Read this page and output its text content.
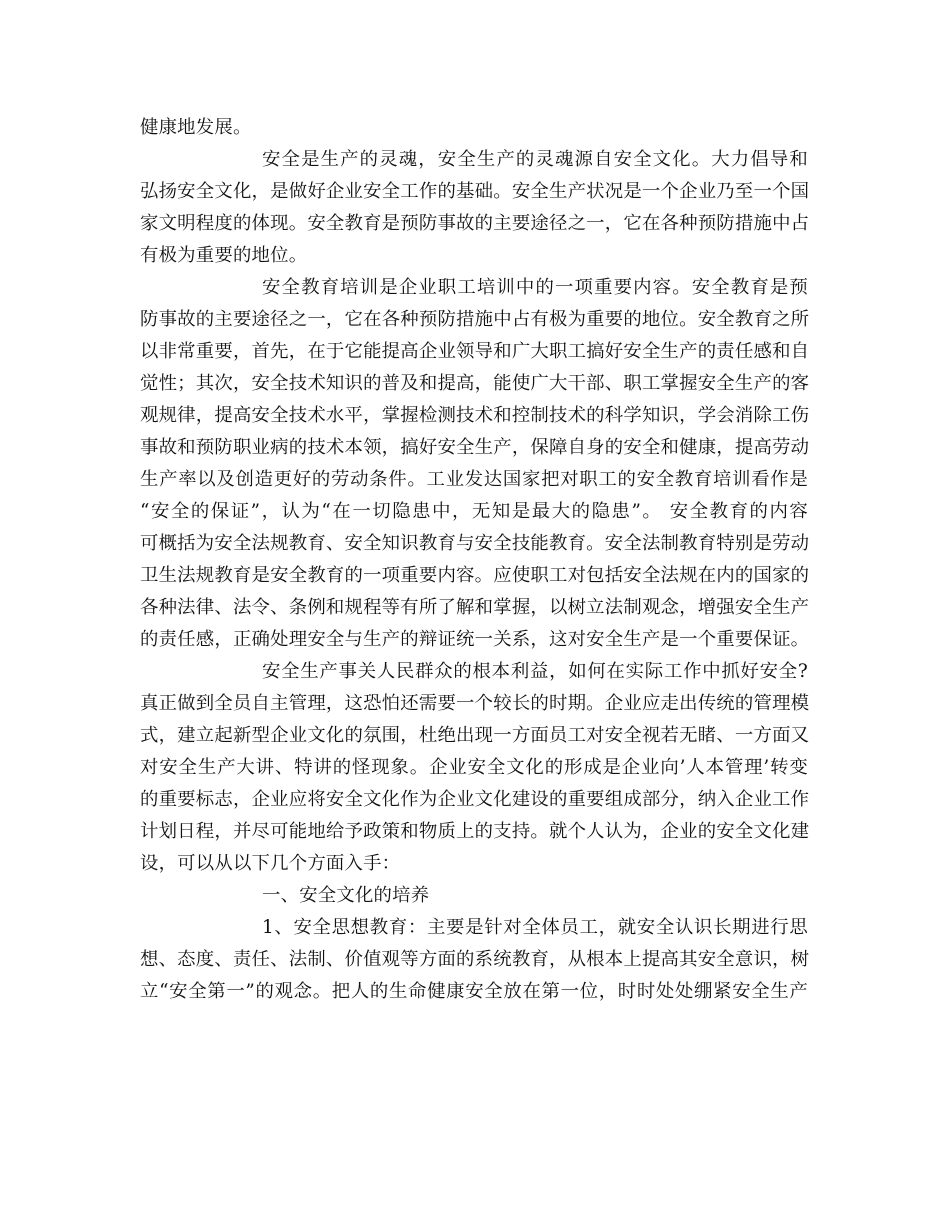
健康地发展。
安全是生产的灵魂，安全生产的灵魂源自安全文化。大力倡导和
弘扬安全文化，是做好企业安全工作的基础。安全生产状况是一个企业乃至一个国
家文明程度的体现。安全教育是预防事故的主要途径之一，它在各种预防措施中占
有极为重要的地位。
安全教育培训是企业职工培训中的一项重要内容。安全教育是预
防事故的主要途径之一，它在各种预防措施中占有极为重要的地位。安全教育之所
以非常重要，首先，在于它能提高企业领导和广大职工搞好安全生产的责任感和自
觉性；其次，安全技术知识的普及和提高，能使广大干部、职工掌握安全生产的客
观规律，提高安全技术水平，掌握检测技术和控制技术的科学知识，学会消除工伤
事故和预防职业病的技术本领，搞好安全生产，保障自身的安全和健康，提高劳动
生产率以及创造更好的劳动条件。工业发达国家把对职工的安全教育培训看作是
“安全的保证”，认为“在一切隐患中，无知是最大的隐患”。 安全教育的内容
可概括为安全法规教育、安全知识教育与安全技能教育。安全法制教育特别是劳动
卫生法规教育是安全教育的一项重要内容。应使职工对包括安全法规在内的国家的
各种法律、法令、条例和规程等有所了解和掌握，以树立法制观念，增强安全生产
的责任感，正确处理安全与生产的辩证统一关系，这对安全生产是一个重要保证。
安全生产事关人民群众的根本利益，如何在实际工作中抓好安全?
真正做到全员自主管理，这恐怕还需要一个较长的时期。企业应走出传统的管理模
式，建立起新型企业文化的氛围，杜绝出现一方面员工对安全视若无睹、一方面又
对安全生产大讲、特讲的怪现象。企业安全文化的形成是企业向’人本管理’转变
的重要标志，企业应将安全文化作为企业文化建设的重要组成部分，纳入企业工作
计划日程，并尽可能地给予政策和物质上的支持。就个人认为，企业的安全文化建
设，可以从以下几个方面入手：
一、安全文化的培养
1、安全思想教育：主要是针对全体员工，就安全认识长期进行思
想、态度、责任、法制、价值观等方面的系统教育，从根本上提高其安全意识，树
立“安全第一”的观念。把人的生命健康安全放在第一位，时时处处绷紧安全生产
